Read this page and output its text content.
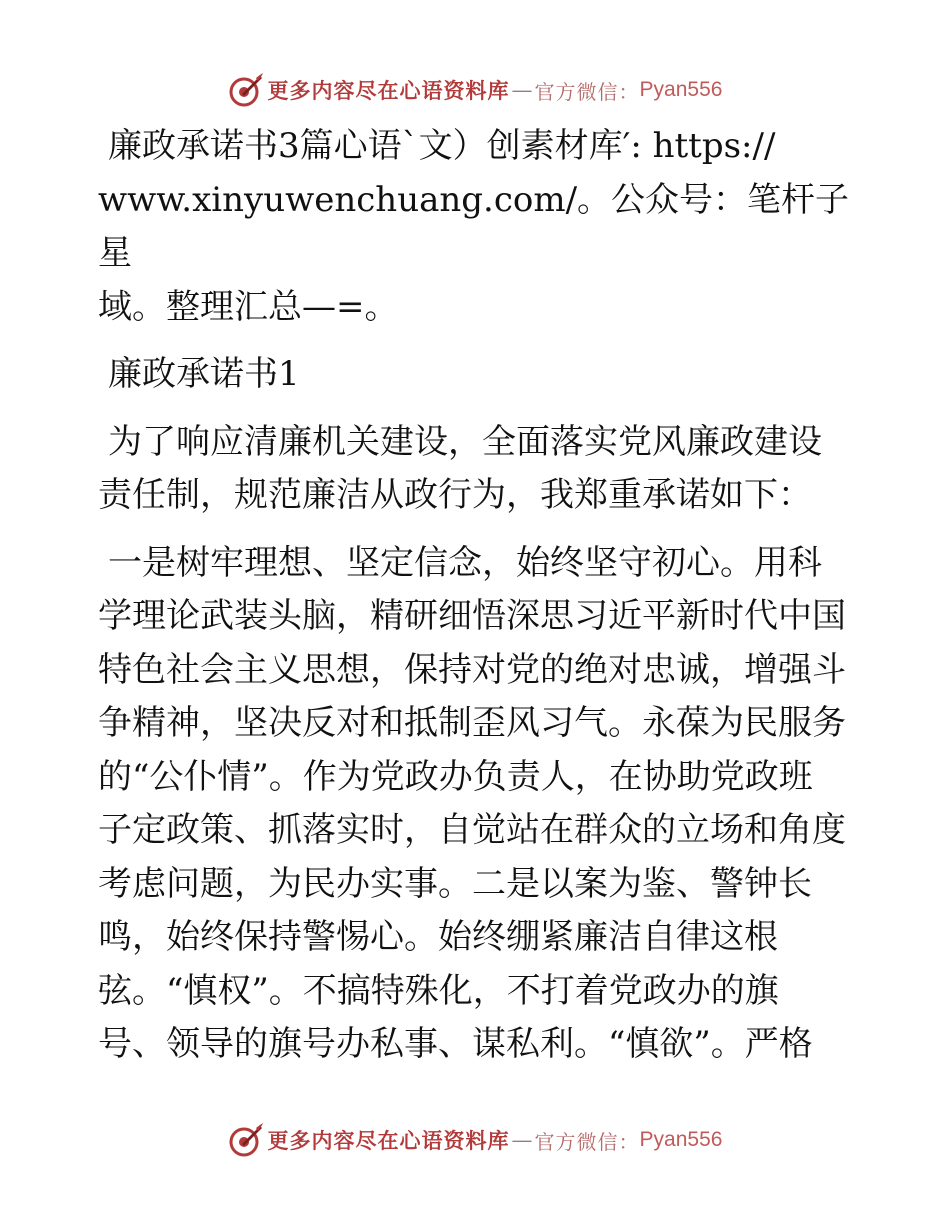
更多内容尽在心语资料库 — 官方微信： Pyan556

廉政承诺书3篇心语`文）创素材库′: https://

www.xinyuwenchuang.com/。公众号：笔杆子星

域。整理汇总—=。

廉政承诺书1

为了响应清廉机关建设，全面落实党风廉政建设

责任制，规范廉洁从政行为，我郑重承诺如下：

一是树牢理想、坚定信念，始终坚守初心。用科

学理论武装头脑，精研细悟深思习近平新时代中国

特色社会主义思想，保持对党的绝对忠诚，增强斗

争精神，坚决反对和抵制歪风习气。永葆为民服务

的“公仆情”。作为党政办负责人，在协助党政班

子定政策、抓落实时，自觉站在群众的立场和角度

考虑问题，为民办实事。二是以案为鉴、警钟长

鸣，始终保持警惕心。始终绷紧廉洁自律这根

弦。“慎权”。不搞特殊化，不打着党政办的旗

号、领导的旗号办私事、谋私利。“慎欲”。严格

更多内容尽在心语资料库 — 官方微信： Pyan556
